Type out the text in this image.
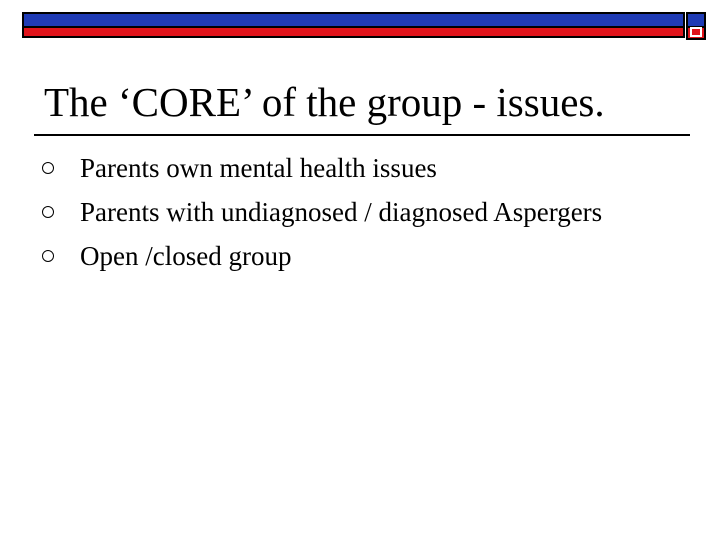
The ‘CORE’ of the group - issues.
Parents own mental health issues
Parents with undiagnosed / diagnosed Aspergers
Open /closed group
